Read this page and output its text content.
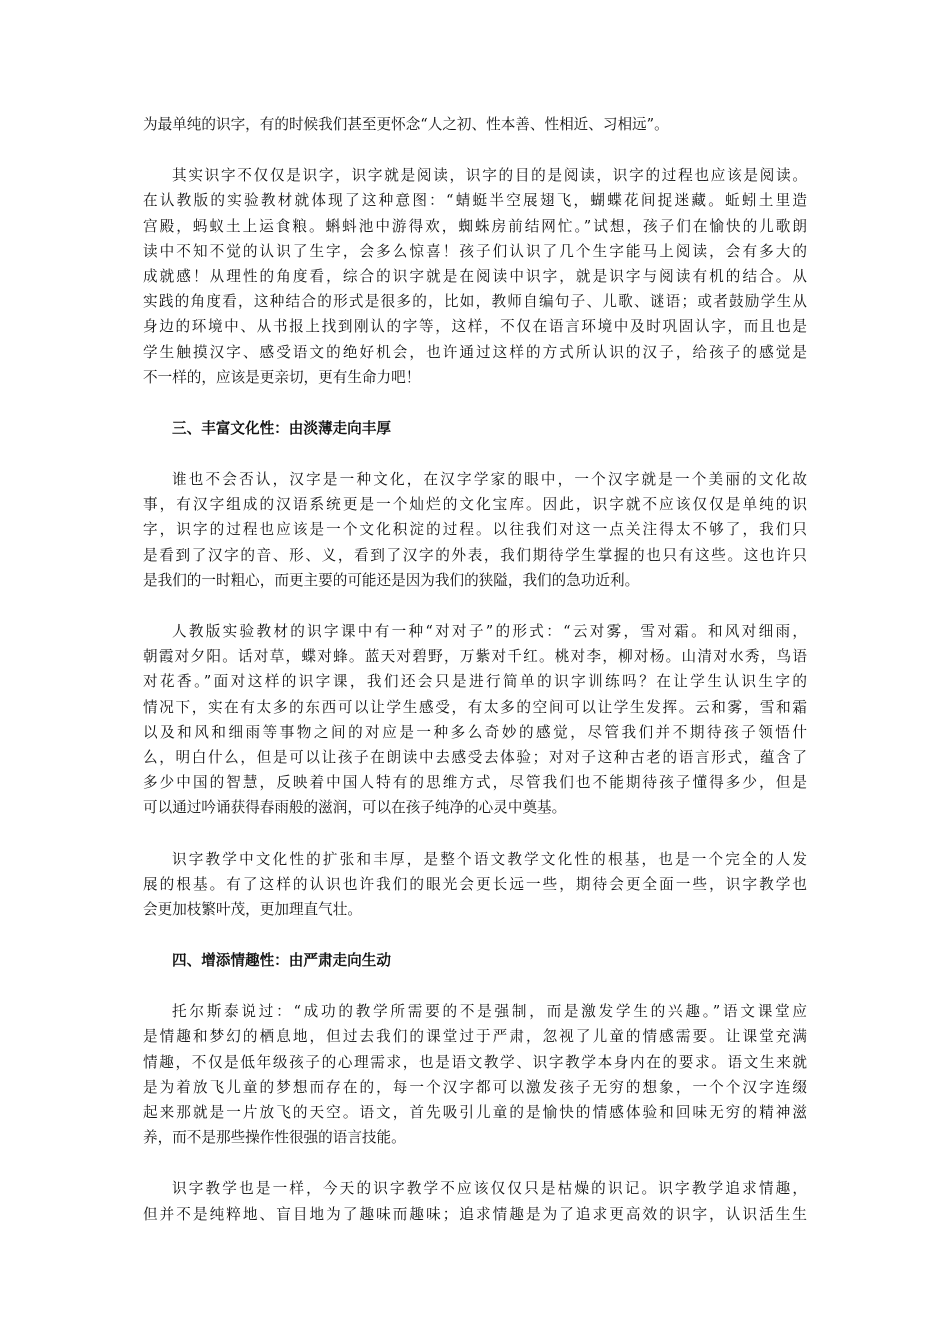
为最单纯的识字，有的时候我们甚至更怀念“人之初、性本善、性相近、习相远”。
其实识字不仅仅是识字，识字就是阅读，识字的目的是阅读，识字的过程也应该是阅读。
在认教版的实验教材就体现了这种意图：“蜻蜓半空展翅飞，蝴蝶花间捉迷藏。蚯蚓土里造
宫殿，蚂蚁土上运食粮。蝌蚪池中游得欢，蜘蛛房前结网忙。”试想，孩子们在愉快的儿歌朗
读中不知不觉的认识了生字，会多么惊喜！孩子们认识了几个生字能马上阅读，会有多大的
成就感！从理性的角度看，综合的识字就是在阅读中识字，就是识字与阅读有机的结合。从
实践的角度看，这种结合的形式是很多的，比如，教师自编句子、儿歌、谜语；或者鼓励学生从
身边的环境中、从书报上找到刚认的字等，这样，不仅在语言环境中及时巩固认字，而且也是
学生触摸汉字、感受语文的绝好机会，也许通过这样的方式所认识的汉子，给孩子的感觉是
不一样的，应该是更亲切，更有生命力吧！
三、丰富文化性：由淡薄走向丰厚
谁也不会否认，汉字是一种文化，在汉字学家的眼中，一个汉字就是一个美丽的文化故
事，有汉字组成的汉语系统更是一个灿烂的文化宝库。因此，识字就不应该仅仅是单纯的识
字，识字的过程也应该是一个文化积淀的过程。以往我们对这一点关注得太不够了，我们只
是看到了汉字的音、形、义，看到了汉字的外表，我们期待学生掌握的也只有这些。这也许只
是我们的一时粗心，而更主要的可能还是因为我们的狭隘，我们的急功近利。
人教版实验教材的识字课中有一种“对对子”的形式：“云对雾，雪对霜。和风对细雨，
朝霞对夕阳。话对草，蝶对蜂。蓝天对碧野，万紫对千红。桃对李，柳对杨。山清对水秀，鸟语
对花香。”面对这样的识字课，我们还会只是进行简单的识字训练吗？在让学生认识生字的
情况下，实在有太多的东西可以让学生感受，有太多的空间可以让学生发挥。云和雾，雪和霜
以及和风和细雨等事物之间的对应是一种多么奇妙的感觉，尽管我们并不期待孩子领悟什
么，明白什么，但是可以让孩子在朗读中去感受去体验；对对子这种古老的语言形式，蕴含了
多少中国的智慧，反映着中国人特有的思维方式，尽管我们也不能期待孩子懂得多少，但是
可以通过吟诵获得春雨般的滋润，可以在孩子纯净的心灵中奠基。
识字教学中文化性的扩张和丰厚，是整个语文教学文化性的根基，也是一个完全的人发
展的根基。有了这样的认识也许我们的眼光会更长远一些，期待会更全面一些，识字教学也
会更加枝繁叶茂，更加理直气壮。
四、增添情趣性：由严肃走向生动
托尔斯泰说过：“成功的教学所需要的不是强制，而是激发学生的兴趣。”语文课堂应
是情趣和梦幻的栖息地，但过去我们的课堂过于严肃，忽视了儿童的情感需要。让课堂充满
情趣，不仅是低年级孩子的心理需求，也是语文教学、识字教学本身内在的要求。语文生来就
是为着放飞儿童的梦想而存在的，每一个汉字都可以激发孩子无穷的想象，一个个汉字连缀
起来那就是一片放飞的天空。语文，首先吸引儿童的是愉快的情感体验和回味无穷的精神滋
养，而不是那些操作性很强的语言技能。
识字教学也是一样，今天的识字教学不应该仅仅只是枯燥的识记。识字教学追求情趣，
但并不是纯粹地、盲目地为了趣味而趣味；追求情趣是为了追求更高效的识字，认识活生生
